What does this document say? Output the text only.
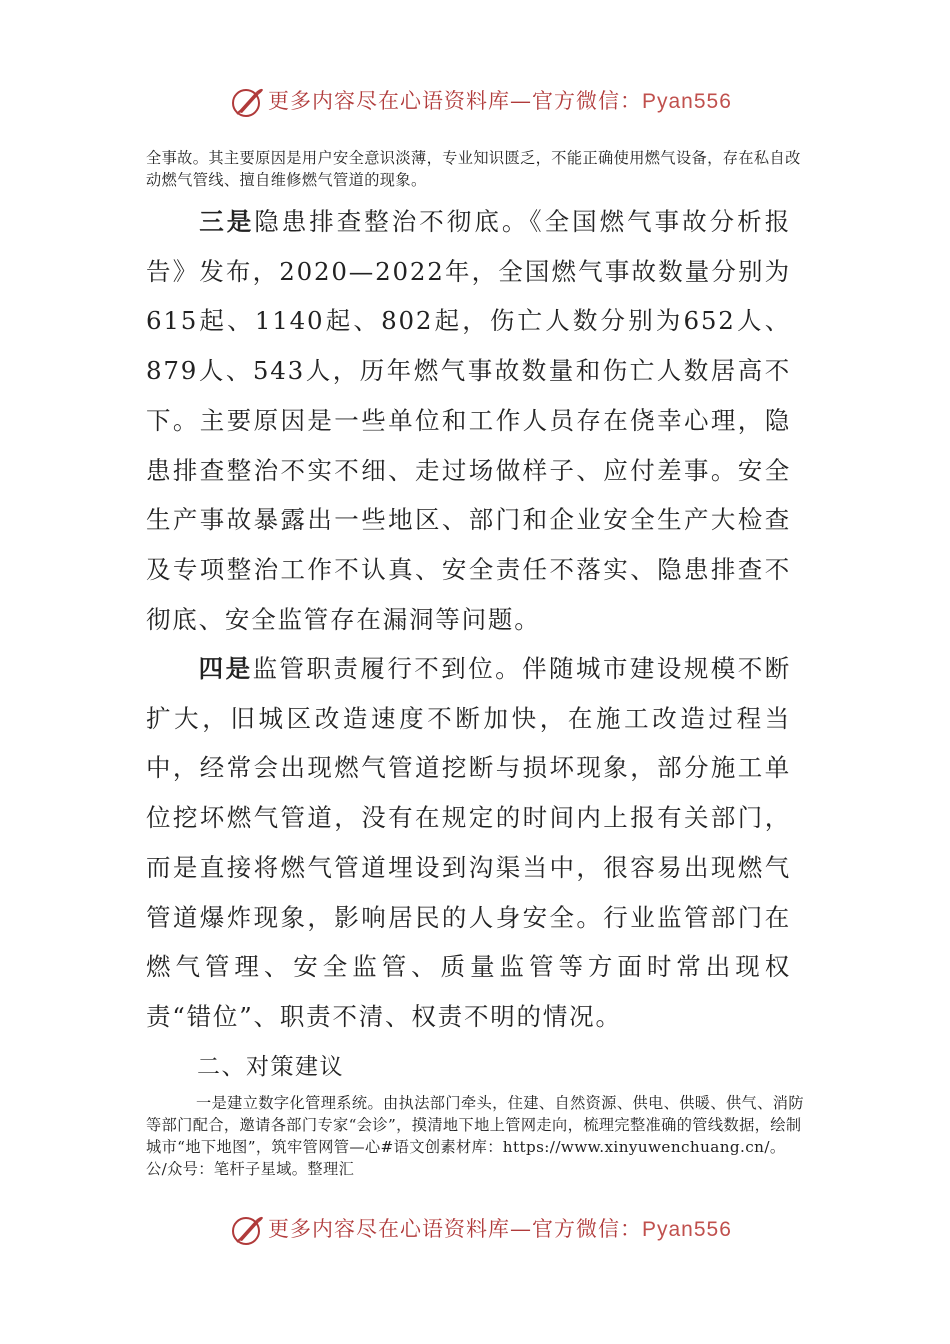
更多内容尽在心语资料库—官方微信：Pyan556
全事故。其主要原因是用户安全意识淡薄，专业知识匮乏，不能正确使用燃气设备，存在私自改动燃气管线、擅自维修燃气管道的现象。
三是隐患排查整治不彻底。《全国燃气事故分析报告》发布，2020—2022年，全国燃气事故数量分别为615起、1140起、802起，伤亡人数分别为652人、879人、543人，历年燃气事故数量和伤亡人数居高不下。主要原因是一些单位和工作人员存在侥幸心理，隐患排查整治不实不细、走过场做样子、应付差事。安全生产事故暴露出一些地区、部门和企业安全生产大检查及专项整治工作不认真、安全责任不落实、隐患排查不彻底、安全监管存在漏洞等问题。
四是监管职责履行不到位。伴随城市建设规模不断扩大，旧城区改造速度不断加快，在施工改造过程当中，经常会出现燃气管道挖断与损坏现象，部分施工单位挖坏燃气管道，没有在规定的时间内上报有关部门，而是直接将燃气管道埋设到沟渠当中，很容易出现燃气管道爆炸现象，影响居民的人身安全。行业监管部门在燃气管理、安全监管、质量监管等方面时常出现权责“错位”、职责不清、权责不明的情况。
二、对策建议
一是建立数字化管理系统。由执法部门牵头，住建、自然资源、供电、供暖、供气、消防等部门配合，邀请各部门专家“会诊”，摸清地下地上管网走向，梳理完整准确的管线数据，绘制城市“地下地图”，筑牢管网管—心#语文创素材库：https://www.xinyuwenchuang.cn/。公/众号：笔杆子星域。整理汇
更多内容尽在心语资料库—官方微信：Pyan556
